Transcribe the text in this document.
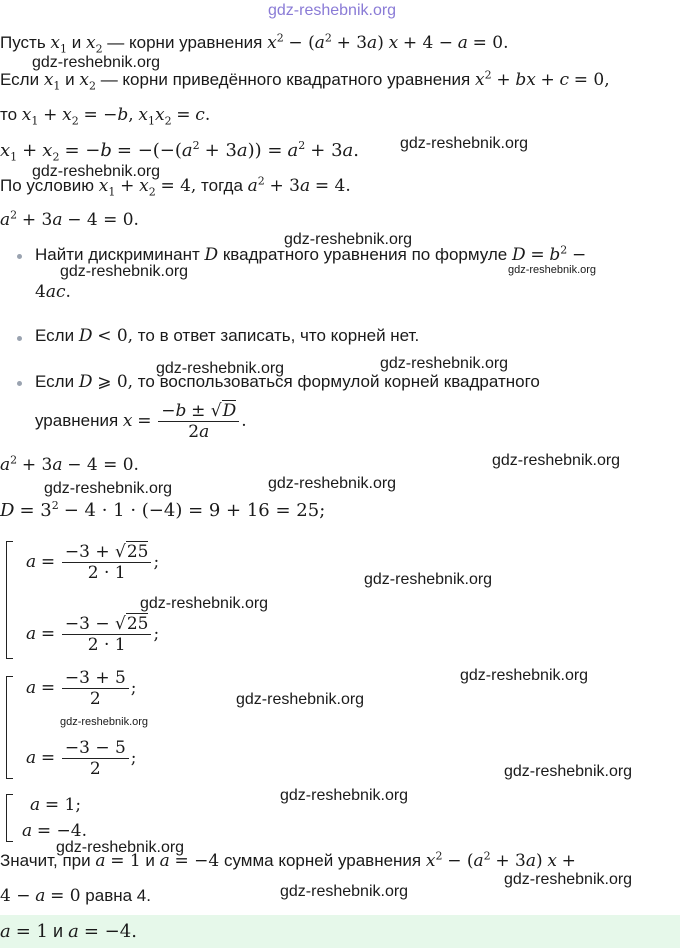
gdz-reshebnik.org
Пусть $x_1$ и $x_2$ — корни уравнения $x^2 - (a^2 + 3a) x + 4 - a = 0$.
Если $x_1$ и $x_2$ — корни приведённого квадратного уравнения $x^2$ + bx + c = 0,
то $x_1 + x_2 = -b$, $x_1x_2 = c$.
$x_1 + x_2 = -b = -(-(a^2 + 3a)) = a^2 + 3a$.
По условию $x_1 + x_2 = 4$, тогда $a^2 + 3a = 4$.
$a^2 + 3a - 4 = 0$.
Найти дискриминант D квадратного уравнения по формуле $D = b^2$ −
4ac.
Если D < 0, то в ответ записать, что корней нет.
Если D ⩾ 0, то воспользоваться формулой корней квадратного
уравнения $x = \frac{-b \pm √D}{2a}$ .
$a^2 + 3a - 4 = 0$.
$D = 3^2 - 4 \cdot 1 \cdot (-4) = 9 + 16 = 25$;
$a = \frac{-3 + √25}{2 \cdot 1}$ ;
$a = \frac{-3 - √25}{2 \cdot 1}$ ;
$a = \frac{-3 + 5}{2}$ ;
$a = \frac{-3 - 5}{2}$ ;
a = 1;
a = −4.
Значит, при a = 1 и a = −4 сумма корней уравнения $x^2 - (a^2 + 3a) x$ +
4 − a = 0 равна 4.
a = 1 и a = −4.
gdz-reshebnik.org
gdz-reshebnik.org
gdz-reshebnik.org
gdz-reshebnik.org
gdz-reshebnik.org	gdz-reshebnik.org
gdz-reshebnik.org	gdz-reshebnik.org
gdz-reshebnik.org
gdz-reshebnik.org
gdz-reshebnik.org
gdz-reshebnik.org
gdz-reshebnik.org
gdz-reshebnik.org
gdz-reshebnik.org
gdz-reshebnik.org
gdz-reshebnik.org
gdz-reshebnik.org
gdz-reshebnik.org
gdz-reshebnik.org
gdz-reshebnik.org
